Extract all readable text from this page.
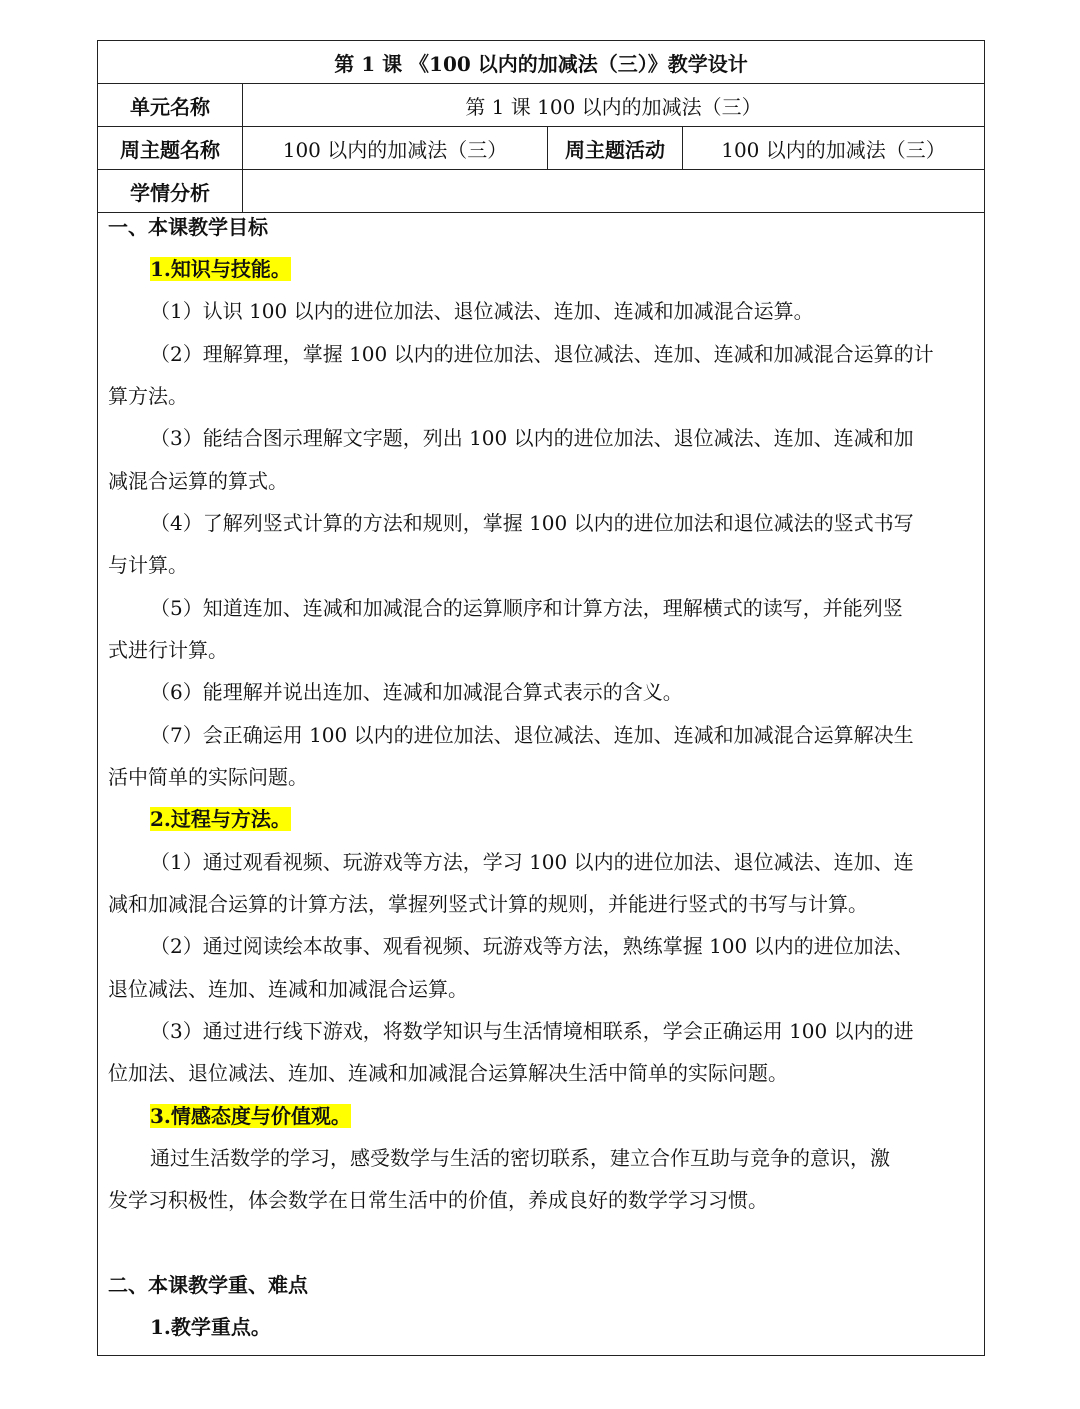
第 1 课 《100 以内的加减法（三）》教学设计
单元名称	第 1 课 100 以内的加减法（三）
周主题名称	100 以内的加减法（三）	周主题活动	100 以内的加减法（三）
学情分析
一、本课教学目标
1.知识与技能。
（1）认识 100 以内的进位加法、退位减法、连加、连减和加减混合运算。
（2）理解算理，掌握 100 以内的进位加法、退位减法、连加、连减和加减混合运算的计
算方法。
（3）能结合图示理解文字题，列出 100 以内的进位加法、退位减法、连加、连减和加
减混合运算的算式。
（4）了解列竖式计算的方法和规则，掌握 100 以内的进位加法和退位减法的竖式书写
与计算。
（5）知道连加、连减和加减混合的运算顺序和计算方法，理解横式的读写，并能列竖
式进行计算。
（6）能理解并说出连加、连减和加减混合算式表示的含义。
（7）会正确运用 100 以内的进位加法、退位减法、连加、连减和加减混合运算解决生
活中简单的实际问题。
2.过程与方法。
（1）通过观看视频、玩游戏等方法，学习 100 以内的进位加法、退位减法、连加、连
减和加减混合运算的计算方法，掌握列竖式计算的规则，并能进行竖式的书写与计算。
（2）通过阅读绘本故事、观看视频、玩游戏等方法，熟练掌握 100 以内的进位加法、
退位减法、连加、连减和加减混合运算。
（3）通过进行线下游戏，将数学知识与生活情境相联系，学会正确运用 100 以内的进
位加法、退位减法、连加、连减和加减混合运算解决生活中简单的实际问题。
3.情感态度与价值观。
通过生活数学的学习，感受数学与生活的密切联系，建立合作互助与竞争的意识，激
发学习积极性，体会数学在日常生活中的价值，养成良好的数学学习习惯。
二、本课教学重、难点
1.教学重点。
